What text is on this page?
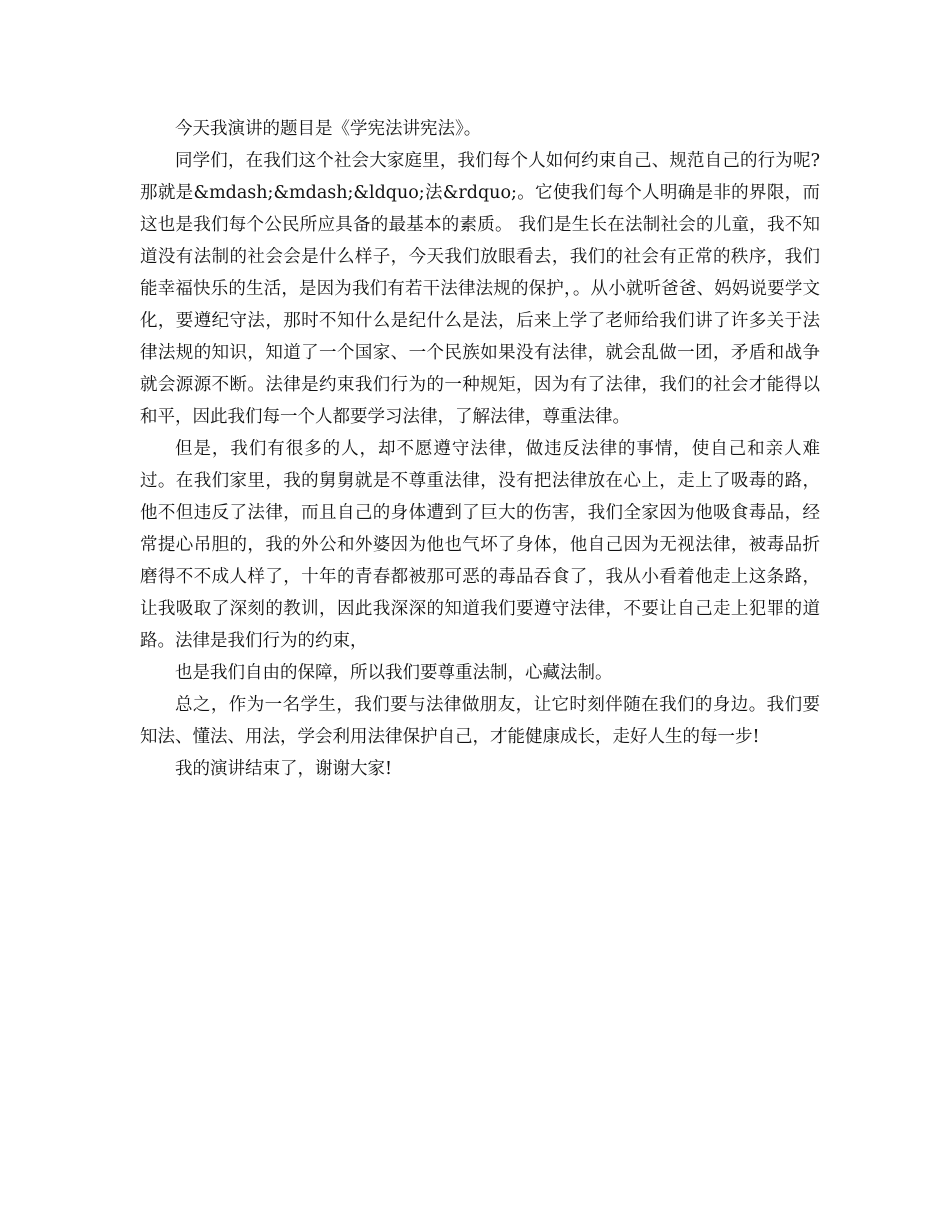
今天我演讲的题目是《学宪法讲宪法》。

同学们，在我们这个社会大家庭里，我们每个人如何约束自己、规范自己的行为呢?那就是&mdash;&mdash;&ldquo;法&rdquo;。它使我们每个人明确是非的界限，而这也是我们每个公民所应具备的最基本的素质。 我们是生长在法制社会的儿童，我不知道没有法制的社会会是什么样子，今天我们放眼看去，我们的社会有正常的秩序，我们能幸福快乐的生活，是因为我们有若干法律法规的保护，。从小就听爸爸、妈妈说要学文化，要遵纪守法，那时不知什么是纪什么是法，后来上学了老师给我们讲了许多关于法律法规的知识，知道了一个国家、一个民族如果没有法律，就会乱做一团，矛盾和战争就会源源不断。法律是约束我们行为的一种规矩，因为有了法律，我们的社会才能得以和平，因此我们每一个人都要学习法律，了解法律，尊重法律。

但是，我们有很多的人，却不愿遵守法律，做违反法律的事情，使自己和亲人难过。在我们家里，我的舅舅就是不尊重法律，没有把法律放在心上，走上了吸毒的路，他不但违反了法律，而且自己的身体遭到了巨大的伤害，我们全家因为他吸食毒品，经常提心吊胆的，我的外公和外婆因为他也气坏了身体，他自己因为无视法律，被毒品折磨得不不成人样了，十年的青春都被那可恶的毒品吞食了，我从小看着他走上这条路，让我吸取了深刻的教训，因此我深深的知道我们要遵守法律，不要让自己走上犯罪的道路。法律是我们行为的约束，

也是我们自由的保障，所以我们要尊重法制，心藏法制。

总之，作为一名学生，我们要与法律做朋友，让它时刻伴随在我们的身边。我们要知法、懂法、用法，学会利用法律保护自己，才能健康成长，走好人生的每一步!

我的演讲结束了，谢谢大家!
